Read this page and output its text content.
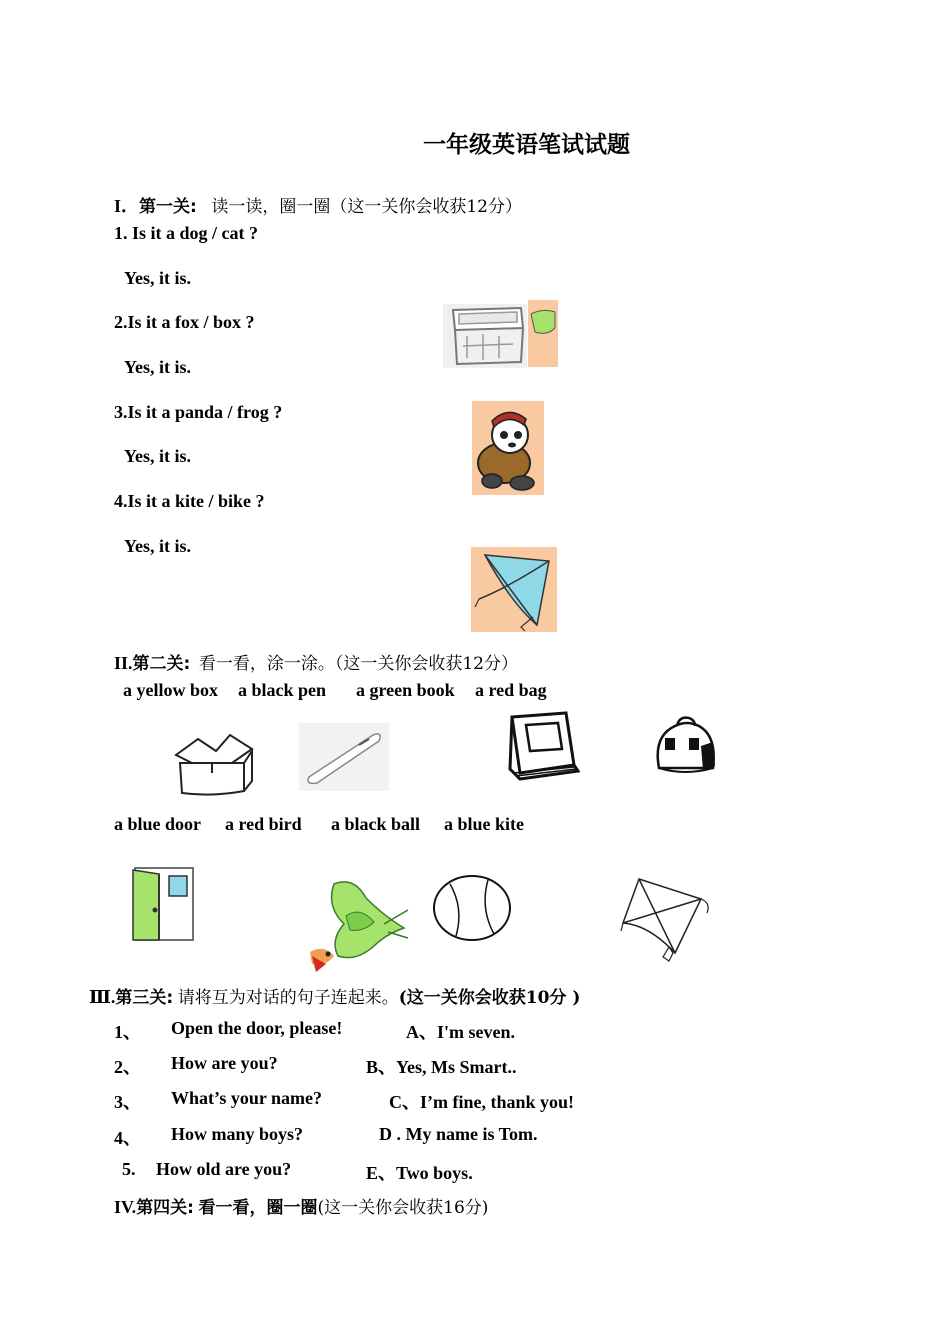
一年级英语笔试试题
I．第一关: 读一读，圈一圈（这一关你会收获12分）
1. Is it a dog / cat ?
Yes, it is.
2.Is it a fox / box ?
Yes, it is.
3.Is it a panda / frog ?
Yes, it is.
4.Is it a kite / bike ?
Yes, it is.
II.第二关: 看一看，涂一涂。（这一关你会收获12分）
a yellow box a black pen a green book a red bag
a blue door a red bird a black ball a blue kite
Ⅲ.第三关: 请将互为对话的句子连起来。(这一关你会收获10分 )
1、 Open the door, please!	A、I'm seven.
2、 How are you?	B、Yes, Ms Smart..
3、 What’s your name?	C、I’m fine, thank you!
4、 How many boys?	D . My name is Tom.
5. How old are you?	E、Two boys.
IV.第四关: 看一看，圈一圈(这一关你会收获16分)
